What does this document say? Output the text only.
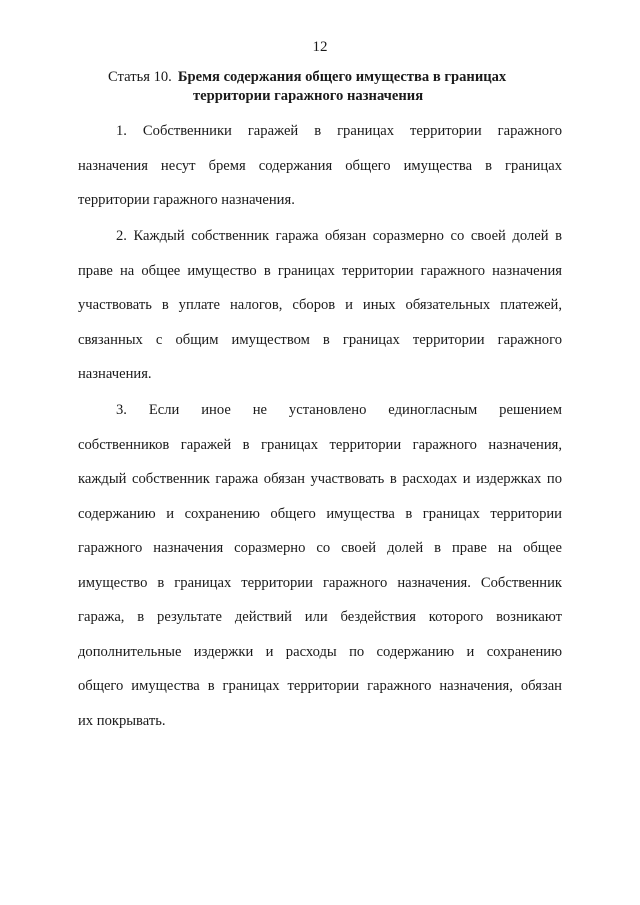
12
Статья 10. Бремя содержания общего имущества в границах
территории гаражного назначения
1. Собственники гаражей в границах территории гаражного
назначения несут бремя содержания общего имущества в границах
территории гаражного назначения.
2. Каждый собственник гаража обязан соразмерно со своей долей в
праве на общее имущество в границах территории гаражного назначения
участвовать в уплате налогов, сборов и иных обязательных платежей,
связанных с общим имуществом в границах территории гаражного
назначения.
3. Если иное не установлено единогласным решением
собственников гаражей в границах территории гаражного назначения,
каждый собственник гаража обязан участвовать в расходах и издержках по
содержанию и сохранению общего имущества в границах территории
гаражного назначения соразмерно со своей долей в праве на общее
имущество в границах территории гаражного назначения. Собственник
гаража, в результате действий или бездействия которого возникают
дополнительные издержки и расходы по содержанию и сохранению
общего имущества в границах территории гаражного назначения, обязан
их покрывать.
